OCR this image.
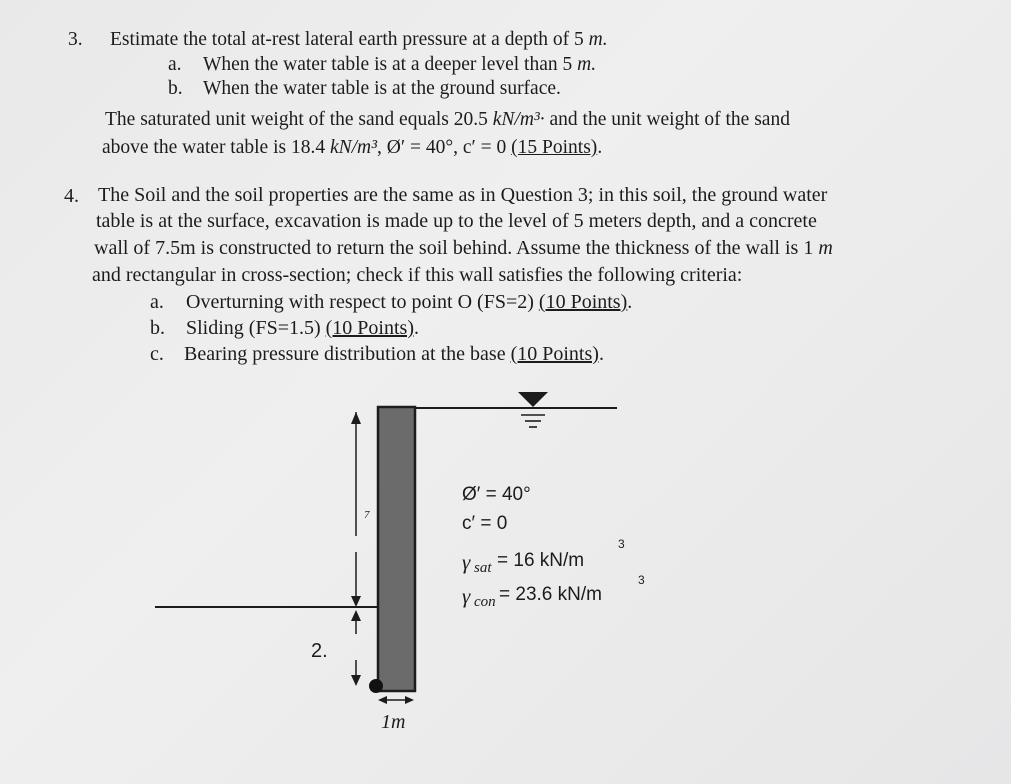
3. Estimate the total at-rest lateral earth pressure at a depth of 5 m.
a. When the water table is at a deeper level than 5 m.
b. When the water table is at the ground surface.
The saturated unit weight of the sand equals 20.5 kN/m³· and the unit weight of the sand
above the water table is 18.4 kN/m³, Ø′ = 40°, c′ = 0 (15 Points).
4. The Soil and the soil properties are the same as in Question 3; in this soil, the ground water
table is at the surface, excavation is made up to the level of 5 meters depth, and a concrete
wall of 7.5m is constructed to return the soil behind. Assume the thickness of the wall is 1 m
and rectangular in cross-section; check if this wall satisfies the following criteria:
a. Overturning with respect to point O (FS=2) (10 Points).
b. Sliding (FS=1.5) (10 Points).
c. Bearing pressure distribution at the base (10 Points).
7
2.
1m
Ø′ = 40°
c′ = 0
γ sat = 16 kN/m
3
γ con = 23.6 kN/m
3
